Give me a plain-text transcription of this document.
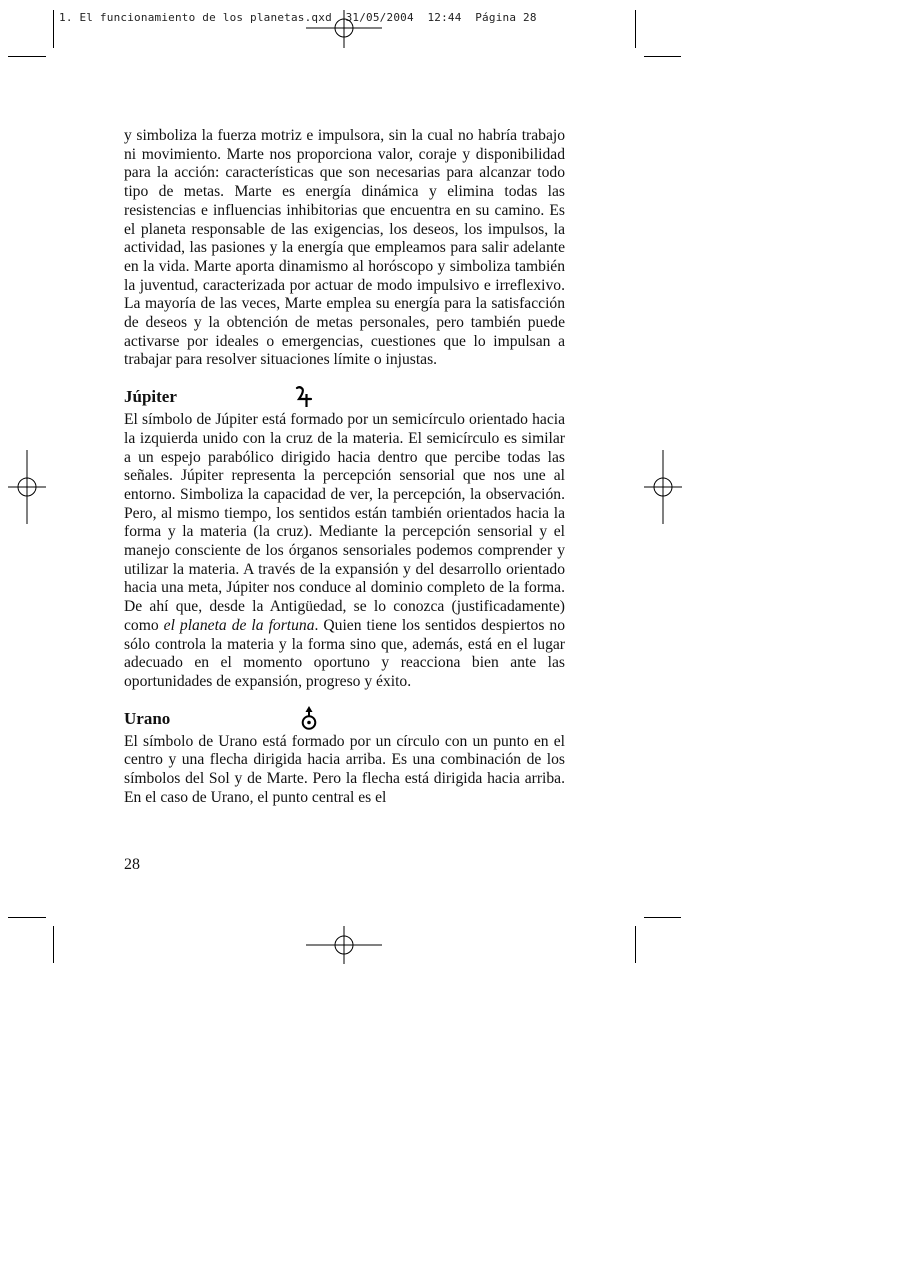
1. El funcionamiento de los planetas.qxd 31/05/2004 12:44 Página 28

y simboliza la fuerza motriz e impulsora, sin la cual no habría trabajo ni movimiento. Marte nos proporciona valor, coraje y disponibilidad para la acción: características que son necesarias para alcanzar todo tipo de metas. Marte es energía dinámica y elimina todas las resistencias e influencias inhibitorias que encuentra en su camino. Es el planeta responsable de las exigencias, los deseos, los impulsos, la actividad, las pasiones y la energía que empleamos para salir adelante en la vida. Marte aporta dinamismo al horóscopo y simboliza también la juventud, caracterizada por actuar de modo impulsivo e irreflexivo. La mayoría de las veces, Marte emplea su energía para la satisfacción de deseos y la obtención de metas personales, pero también puede activarse por ideales o emergencias, cuestiones que lo impulsan a trabajar para resolver situaciones límite o injustas.

Júpiter

El símbolo de Júpiter está formado por un semicírculo orientado hacia la izquierda unido con la cruz de la materia. El semicírculo es similar a un espejo parabólico dirigido hacia dentro que percibe todas las señales. Júpiter representa la percepción sensorial que nos une al entorno. Simboliza la capacidad de ver, la percepción, la observación. Pero, al mismo tiempo, los sentidos están también orientados hacia la forma y la materia (la cruz). Mediante la percepción sensorial y el manejo consciente de los órganos sensoriales podemos comprender y utilizar la materia. A través de la expansión y del desarrollo orientado hacia una meta, Júpiter nos conduce al dominio completo de la forma. De ahí que, desde la Antigüedad, se lo conozca (justificadamente) como el planeta de la fortuna. Quien tiene los sentidos despiertos no sólo controla la materia y la forma sino que, además, está en el lugar adecuado en el momento oportuno y reacciona bien ante las oportunidades de expansión, progreso y éxito.

Urano

El símbolo de Urano está formado por un círculo con un punto en el centro y una flecha dirigida hacia arriba. Es una combinación de los símbolos del Sol y de Marte. Pero la flecha está dirigida hacia arriba. En el caso de Urano, el punto central es el

28
